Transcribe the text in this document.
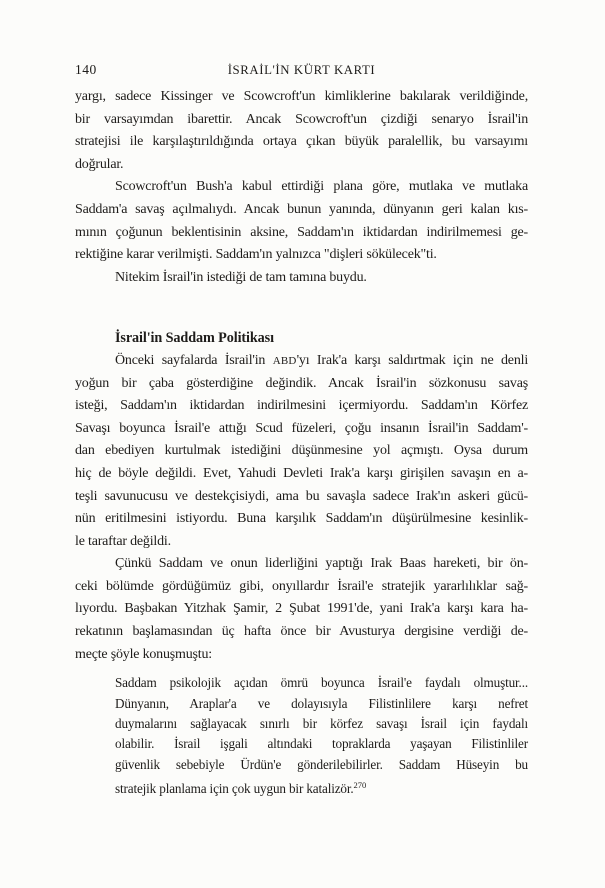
140	İSRAİL'İN KÜRT KARTI
yargı, sadece Kissinger ve Scowcroft'un kimliklerine bakılarak verildiğinde,
bir varsayımdan ibarettir. Ancak Scowcroft'un çizdiği senaryo İsrail'in
stratejisi ile karşılaştırıldığında ortaya çıkan büyük paralellik, bu varsayımı
doğrular.
Scowcroft'un Bush'a kabul ettirdiği plana göre, mutlaka ve mutlaka
Saddam'a savaş açılmalıydı. Ancak bunun yanında, dünyanın geri kalan kıs-
mının çoğunun beklentisinin aksine, Saddam'ın iktidardan indirilmemesi ge-
rektiğine karar verilmişti. Saddam'ın yalnızca "dişleri sökülecek"ti.
Nitekim İsrail'in istediği de tam tamına buydu.
İsrail'in Saddam Politikası
Önceki sayfalarda İsrail'in ABD'yı Irak'a karşı saldırtmak için ne denli
yoğun bir çaba gösterdiğine değindik. Ancak İsrail'in sözkonusu savaş
isteği, Saddam'ın iktidardan indirilmesini içermiyordu. Saddam'ın Körfez
Savaşı boyunca İsrail'e attığı Scud füzeleri, çoğu insanın İsrail'in Saddam'-
dan ebediyen kurtulmak istediğini düşünmesine yol açmıştı. Oysa durum
hiç de böyle değildi. Evet, Yahudi Devleti Irak'a karşı girişilen savaşın en a-
teşli savunucusu ve destekçisiydi, ama bu savaşla sadece Irak'ın askeri gücü-
nün eritilmesini istiyordu. Buna karşılık Saddam'ın düşürülmesine kesinlik-
le taraftar değildi.
Çünkü Saddam ve onun liderliğini yaptığı Irak Baas hareketi, bir ön-
ceki bölümde gördüğümüz gibi, onyıllardır İsrail'e stratejik yararlılıklar sağ-
lıyordu. Başbakan Yitzhak Şamir, 2 Şubat 1991'de, yani Irak'a karşı kara ha-
rekatının başlamasından üç hafta önce bir Avusturya dergisine verdiği de-
meçte şöyle konuşmuştu:
Saddam psikolojik açıdan ömrü boyunca İsrail'e faydalı olmuştur...
Dünyanın, Araplar'a ve dolayısıyla Filistinlilere karşı nefret
duymalarını sağlayacak sınırlı bir körfez savaşı İsrail için faydalı
olabilir. İsrail işgali altındaki topraklarda yaşayan Filistinliler
güvenlik sebebiyle Ürdün'e gönderilebilirler. Saddam Hüseyin bu
stratejik planlama için çok uygun bir katalizör.$^{270}$
